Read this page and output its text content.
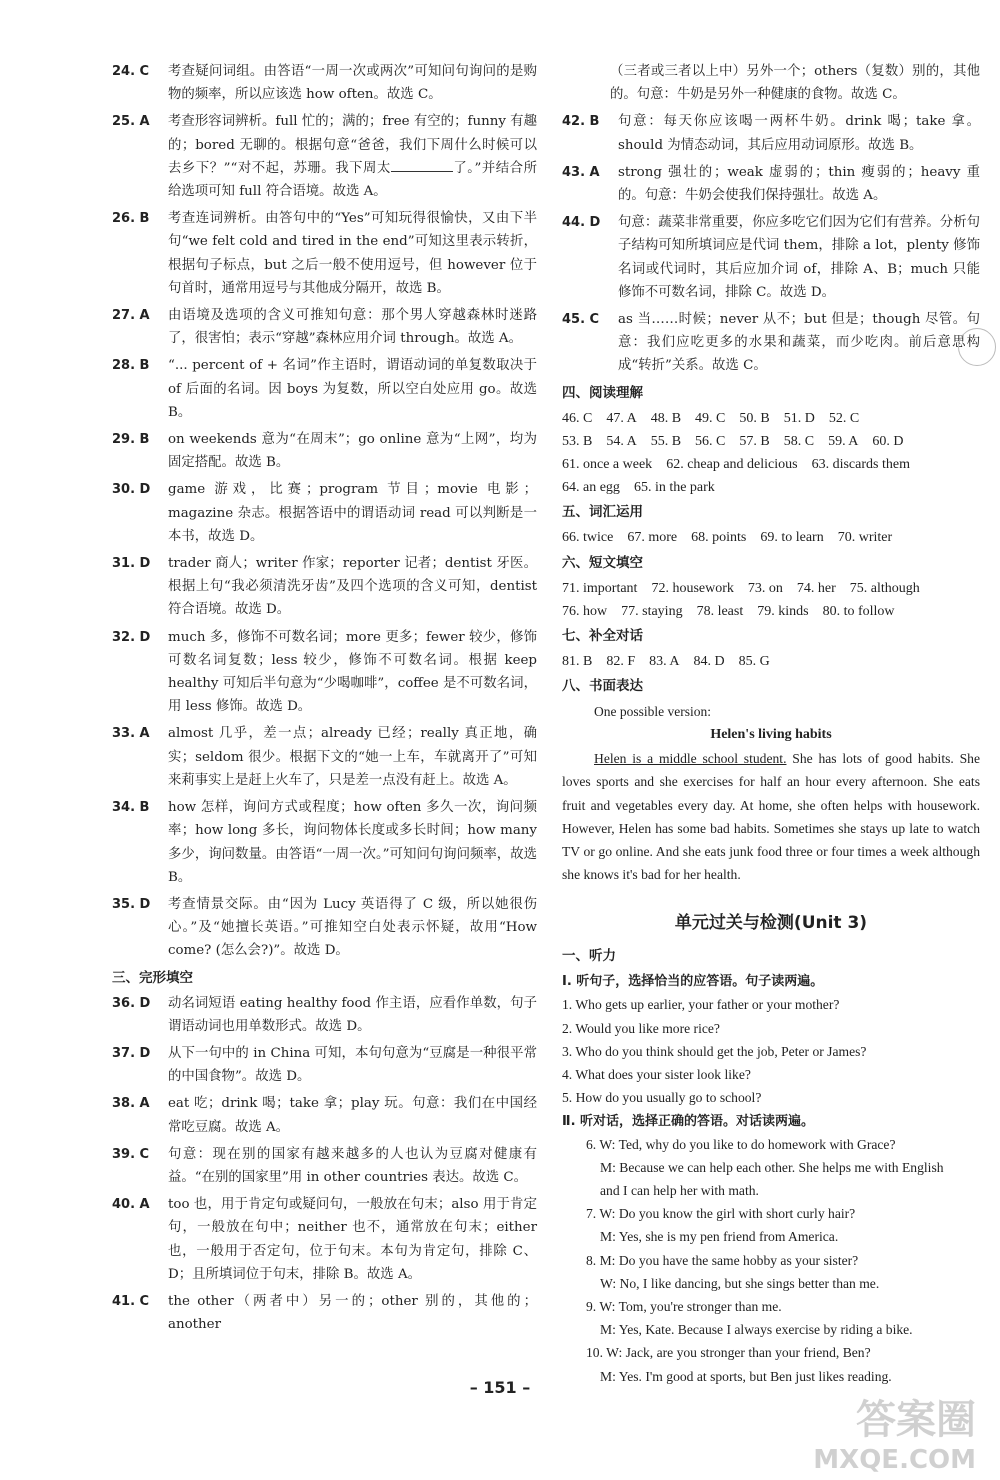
24. C	考查疑问词组。由答语“一周一次或两次”可知问句询问的是购物的频率，所以应该选 how often。故选 C。
25. A	考查形容词辨析。full 忙的；满的；free 有空的；funny 有趣的；bored 无聊的。根据句意“爸爸，我们下周什么时候可以去乡下？”“对不起，苏珊。我下周太	了。”并结合所给选项可知 full 符合语境。故选 A。
26. B	考查连词辨析。由答句中的“Yes”可知玩得很愉快，又由下半句“we felt cold and tired in the end”可知这里表示转折，根据句子标点，but 之后一般不使用逗号，但 however 位于句首时，通常用逗号与其他成分隔开，故选 B。
27. A	由语境及选项的含义可推知句意：那个男人穿越森林时迷路了，很害怕；表示“穿越”森林应用介词 through。故选 A。
28. B	“... percent of + 名词”作主语时，谓语动词的单复数取决于 of 后面的名词。因 boys 为复数，所以空白处应用 go。故选 B。
29. B	on weekends 意为“在周末”；go online 意为“上网”，均为固定搭配。故选 B。
30. D	game 游戏，比赛；program 节目；movie 电影；magazine 杂志。根据答语中的谓语动词 read 可以判断是一本书，故选 D。
31. D	trader 商人；writer 作家；reporter 记者；dentist 牙医。根据上句“我必须清洗牙齿”及四个选项的含义可知，dentist 符合语境。故选 D。
32. D	much 多，修饰不可数名词；more 更多；fewer 较少，修饰可数名词复数；less 较少，修饰不可数名词。根据 keep healthy 可知后半句意为“少喝咖啡”，coffee 是不可数名词，用 less 修饰。故选 D。
33. A	almost 几乎，差一点；already 已经；really 真正地，确实；seldom 很少。根据下文的“她一上车，车就离开了”可知来莉事实上是赶上火车了，只是差一点没有赶上。故选 A。
34. B	how 怎样，询问方式或程度；how often 多久一次，询问频率；how long 多长，询问物体长度或多长时间；how many 多少，询问数量。由答语“一周一次。”可知问句询问频率，故选 B。
35. D	考查情景交际。由“因为 Lucy 英语得了 C 级，所以她很伤心。”及“她擅长英语。”可推知空白处表示怀疑，故用“How come? (怎么会?)”。故选 D。
三、完形填空
36. D	动名词短语 eating healthy food 作主语，应看作单数，句子谓语动词也用单数形式。故选 D。
37. D	从下一句中的 in China 可知，本句句意为“豆腐是一种很平常的中国食物”。故选 D。
38. A	eat 吃；drink 喝；take 拿；play 玩。句意：我们在中国经常吃豆腐。故选 A。
39. C	句意：现在别的国家有越来越多的人也认为豆腐对健康有益。“在别的国家里”用 in other countries 表达。故选 C。
40. A	too 也，用于肯定句或疑问句，一般放在句末；also 用于肯定句，一般放在句中；neither 也不，通常放在句末；either 也，一般用于否定句，位于句末。本句为肯定句，排除 C、D；且所填词位于句末，排除 B。故选 A。
41. C	the other（两者中）另一的；other 别的，其他的；another
（三者或三者以上中）另外一个；others（复数）别的，其他的。句意：牛奶是另外一种健康的食物。故选 C。
42. B	句意：每天你应该喝一两杯牛奶。drink 喝；take 拿。should 为情态动词，其后应用动词原形。故选 B。
43. A	strong 强壮的；weak 虚弱的；thin 瘦弱的；heavy 重的。句意：牛奶会使我们保持强壮。故选 A。
44. D	句意：蔬菜非常重要，你应多吃它们因为它们有营养。分析句子结构可知所填词应是代词 them，排除 a lot，plenty 修饰名词或代词时，其后应加介词 of，排除 A、B；much 只能修饰不可数名词，排除 C。故选 D。
45. C	as 当……时候；never 从不；but 但是；though 尽管。句意：我们应吃更多的水果和蔬菜，而少吃肉。前后意思构成“转折”关系。故选 C。
四、阅读理解
46. C 47. A 48. B 49. C 50. B 51. D 52. C
53. B 54. A 55. B 56. C 57. B 58. C 59. A 60. D
61. once a week 62. cheap and delicious 63. discards them
64. an egg 65. in the park
五、词汇运用
66. twice 67. more 68. points 69. to learn 70. writer
六、短文填空
71. important 72. housework 73. on 74. her 75. although
76. how 77. staying 78. least 79. kinds 80. to follow
七、补全对话
81. B 82. F 83. A 84. D 85. G
八、书面表达
One possible version:
Helen's living habits
Helen is a middle school student. She has lots of good habits. She loves sports and she exercises for half an hour every afternoon. She eats fruit and vegetables every day. At home, she often helps with housework. However, Helen has some bad habits. Sometimes she stays up late to watch TV or go online. And she eats junk food three or four times a week although she knows it's bad for her health.
单元过关与检测(Unit 3)
一、听力
Ⅰ. 听句子，选择恰当的应答语。句子读两遍。
1. Who gets up earlier, your father or your mother?
2. Would you like more rice?
3. Who do you think should get the job, Peter or James?
4. What does your sister look like?
5. How do you usually go to school?
Ⅱ. 听对话，选择正确的答语。对话读两遍。
6. W: Ted, why do you like to do homework with Grace?
M: Because we can help each other. She helps me with English
and I can help her with math.
7. W: Do you know the girl with short curly hair?
M: Yes, she is my pen friend from America.
8. M: Do you have the same hobby as your sister?
W: No, I like dancing, but she sings better than me.
9. W: Tom, you're stronger than me.
M: Yes, Kate. Because I always exercise by riding a bike.
10. W: Jack, are you stronger than your friend, Ben?
M: Yes. I'm good at sports, but Ben just likes reading.
– 151 –
答案圈
MXQE.COM
